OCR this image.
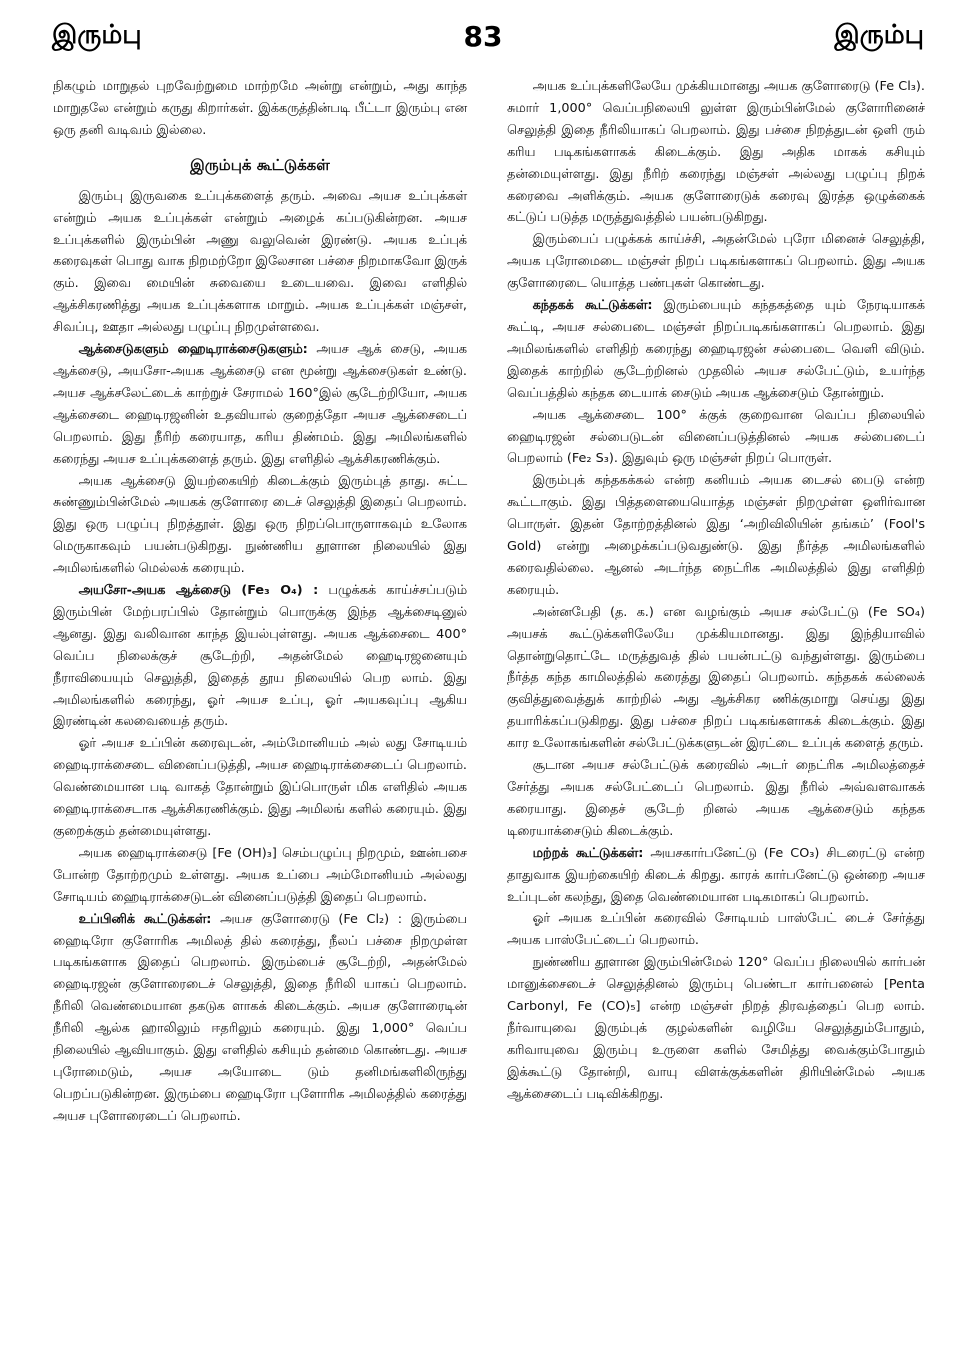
இரும்பு	83	இரும்பு

நிகழும் மாறுதல் புறவேற்றுமை மாற்றமே அன்று என்றும், அது காந்த மாறுதலே என்றும் கருது கிறார்கள். இக்கருத்தின்படி பீட்டா இரும்பு என ஒரு தனி வடிவம் இல்லை.

இரும்புக் கூட்டுக்கள்

இரும்பு இருவகை உப்புக்களைத் தரும். அவை அயச உப்புக்கள் என்றும் அயக உப்புக்கள் என்றும் அழைக் கப்படுகின்றன. அயச உப்புக்களில் இரும்பின் அணு வலுவென் இரண்டு. அயக உப்புக் கரைவுகள் பொது வாக நிறமற்றோ இலேசான பச்சை நிறமாகவோ இருக் கும். இவை மையின் சுவையை உடையவை. இவை எளிதில் ஆக்சிகரணித்து அயக உப்புக்களாக மாறும். அயக உப்புக்கள் மஞ்சள், சிவப்பு, ஊதா அல்லது பழுப்பு நிறமுள்ளவை.

ஆக்சைடுகளும் ஹைடிராக்சைடுகளும்: அயச ஆக் சைடு, அயக ஆக்சைடு, அயசோ-அயக ஆக்சைடு என மூன்று ஆக்சைடுகள் உண்டு. அயச ஆக்சலேட்டைக் காற்றுச் சேராமல் 160°இல் சூடேற்றியோ, அயக ஆக்சைடை ஹைடிரஜனின் உதவியால் குறைத்தோ அயச ஆக்சைடைப் பெறலாம். இது நீரிற் கரையாத, கரிய திண்மம். இது அமிலங்களில் கரைந்து அயச உப்புக்களைத் தரும். இது எளிதில் ஆக்சிகரணிக்கும்.

அயக ஆக்சைடு இயற்கையிற் கிடைக்கும் இரும்புத் தாது. சுட்ட சுண்ணும்பின்மேல் அயகக் குளோரை டைச் செலுத்தி இதைப் பெறலாம். இது ஒரு பழுப்பு நிறத்தூள். இது ஒரு நிறப்பொருளாகவும் உலோக மெருகாகவும் பயன்படுகிறது. நுண்ணிய தூளான நிலையில் இது அமிலங்களில் மெல்லக் கரையும்.

அயசோ-அயக ஆக்சைடு (Fe₃ O₄) : பழுக்கக் காய்ச்சப்படும் இரும்பின் மேற்பரப்பில் தோன்றும் பொருக்கு இந்த ஆக்சைடினுல் ஆனது. இது வலிவான காந்த இயல்புள்ளது. அயக ஆக்சைடை 400° வெப்ப நிலைக்குச் சூடேற்றி, அதன்மேல் ஹைடிரஜனையும் நீராவியையும் செலுத்தி, இதைத் தூய நிலையில் பெற லாம். இது அமிலங்களில் கரைந்து, ஓர் அயச உப்பு, ஓர் அயகவுப்பு ஆகிய இரண்டின் கலவையைத் தரும்.

ஓர் அயச உப்பின் கரைவுடன், அம்மோனியம் அல் லது சோடியம் ஹைடிராக்சைடை வினைப்படுத்தி, அயச ஹைடிராக்சைடைப் பெறலாம். வெண்மையான படி வாகத் தோன்றும் இப்பொருள் மிக எளிதில் அயக ஹைடிராக்சைடாக ஆக்சிகரணிக்கும். இது அமிலங் களில் கரையும். இது குறைக்கும் தன்மையுள்ளது.

அயக ஹைடிராக்சைடு [Fe (OH)₃] செம்பழுப்பு நிறமும், ஊன்பசை போன்ற தோற்றமும் உள்ளது. அயக உப்பை அம்மோனியம் அல்லது சோடியம் ஹைடிராக்சைடுடன் வினைப்படுத்தி இதைப் பெறலாம்.

உப்பினிக் கூட்டுக்கள்: அயச குளோரைடு (Fe Cl₂) : இரும்பை ஹைடிரோ குளோரிக அமிலத் தில் கரைத்து, நீலப் பச்சை நிறமுள்ள படிகங்களாக இதைப் பெறலாம். இரும்பைச் சூடேற்றி, அதன்மேல் ஹைடிரஜன் குளோரைடைச் செலுத்தி, இதை நீரிலி யாகப் பெறலாம். நீரிலி வெண்மையான தகடுக ளாகக் கிடைக்கும். அயச குளோரைடின் நீரிலி ஆல்க ஹாலிலும் ஈதரிலும் கரையும். இது 1,000° வெப்ப நிலையில் ஆவியாகும். இது எளிதில் கசியும் தன்மை கொண்டது. அயச புரோமைடும், அயச அயோடை டும் தனிமங்களிலிருந்து பெறப்படுகின்றன. இரும்பை ஹைடிரோ புளோரிக அமிலத்தில் கரைத்து அயச புளோரைடைப் பெறலாம்.

அயக உப்புக்களிலேயே முக்கியமானது அயக குளோரைடு (Fe Cl₃). சுமார் 1,000° வெப்பநிலையி லுள்ள இரும்பின்மேல் குளோரினைச் செலுத்தி இதை நீரிலியாகப் பெறலாம். இது பச்சை நிறத்துடன் ஒளி ரும் கரிய படிகங்களாகக் கிடைக்கும். இது அதிக மாகக் கசியும் தன்மையுள்ளது. இது நீரிற் கரைந்து மஞ்சள் அல்லது பழுப்பு நிறக் கரைவை அளிக்கும். அயக குளோரைடுக் கரைவு இரத்த ஒழுக்கைக் கட்டுப் படுத்த மருத்துவத்தில் பயன்படுகிறது.

இரும்பைப் பழுக்கக் காய்ச்சி, அதன்மேல் புரோ மினைச் செலுத்தி, அயக புரோமைடை மஞ்சள் நிறப் படிகங்களாகப் பெறலாம். இது அயக குளோரைடை யொத்த பண்புகள் கொண்டது.

கந்தகக் கூட்டுக்கள்: இரும்பையும் கந்தகத்தை யும் நேரடியாகக் கூட்டி, அயச சல்பைடை மஞ்சள் நிறப்படிகங்களாகப் பெறலாம். இது அமிலங்களில் எளிதிற் கரைந்து ஹைடிரஜன் சல்பைடை வெளி விடும். இதைக் காற்றில் சூடேற்றினல் முதலில் அயச சல்பேட்டும், உயர்ந்த வெப்பத்தில் கந்தக டையாக் சைடும் அயக ஆக்சைடும் தோன்றும்.

அயக ஆக்சைடை 100° க்குக் குறைவான வெப்ப நிலையில் ஹைடிரஜன் சல்பைடுடன் வினைப்படுத்தினல் அயக சல்பைடைப் பெறலாம் (Fe₂ S₃). இதுவும் ஒரு மஞ்சள் நிறப் பொருள்.

இரும்புக் கந்தகக்கல் என்ற கனியம் அயக டைசல் பைடு என்ற கூட்டாகும். இது பித்தளையையொத்த மஞ்சள் நிறமுள்ள ஒளிர்வான பொருள். இதன் தோற்றத்தினல் இது ‘அறிவிலியின் தங்கம்’ (Fool's Gold) என்று அழைக்கப்படுவதுண்டு. இது நீர்த்த அமிலங்களில் கரைவதில்லை. ஆனல் அடர்ந்த நைட்ரிக அமிலத்தில் இது எளிதிற் கரையும்.

அன்னபேதி (த. க.) என வழங்கும் அயச சல்பேட்டு (Fe SO₄) அயசக் கூட்டுக்களிலேயே முக்கியமானது. இது இந்தியாவில் தொன்றுதொட்டே மருத்துவத் தில் பயன்பட்டு வந்துள்ளது. இரும்பை நீர்த்த கந்த காமிலத்தில் கரைத்து இதைப் பெறலாம். கந்தகக் கல்லைக் குவித்துவைத்துக் காற்றில் அது ஆக்சிகர ணிக்குமாறு செய்து இது தயாரிக்கப்படுகிறது. இது பச்சை நிறப் படிகங்களாகக் கிடைக்கும். இது கார உலோகங்களின் சல்பேட்டுக்களுடன் இரட்டை உப்புக் களைத் தரும்.

சூடான அயச சல்பேட்டுக் கரைவில் அடர் நைட்ரிக அமிலத்தைச் சேர்த்து அயக சல்பேட்டைப் பெறலாம். இது நீரில் அவ்வளவாகக் கரையாது. இதைச் சூடேற் றினல் அயக ஆக்சைடும் கந்தக டிரையாக்சைடும் கிடைக்கும்.

மற்றக் கூட்டுக்கள்: அயசகார்பனேட்டு (Fe CO₃) சிடரைட்டு என்ற தாதுவாக இயற்கையிற் கிடைக் கிறது. காரக் கார்பனேட்டு ஒன்றை அயச உப்புடன் கலந்து, இதை வெண்மையான படிகமாகப் பெறலாம்.

ஓர் அயக உப்பின் கரைவில் சோடியம் பாஸ்பேட் டைச் சேர்த்து அயக பாஸ்பேட்டைப் பெறலாம்.

நுண்ணிய தூளான இரும்பின்மேல் 120° வெப்ப நிலையில் கார்பன் மானுக்சைடைச் செலுத்தினல் இரும்பு பெண்டா கார்பனைல் [Penta Carbonyl, Fe (CO)₅] என்ற மஞ்சள் நிறத் திரவத்தைப் பெற லாம். நீர்வாயுவை இரும்புக் குழல்களின் வழியே செலுத்தும்போதும், கரிவாயுவை இரும்பு உருளை களில் சேமித்து வைக்கும்போதும் இக்கூட்டு தோன்றி, வாயு விளக்குக்களின் திரியின்மேல் அயக ஆக்சைடைப் படிவிக்கிறது.
